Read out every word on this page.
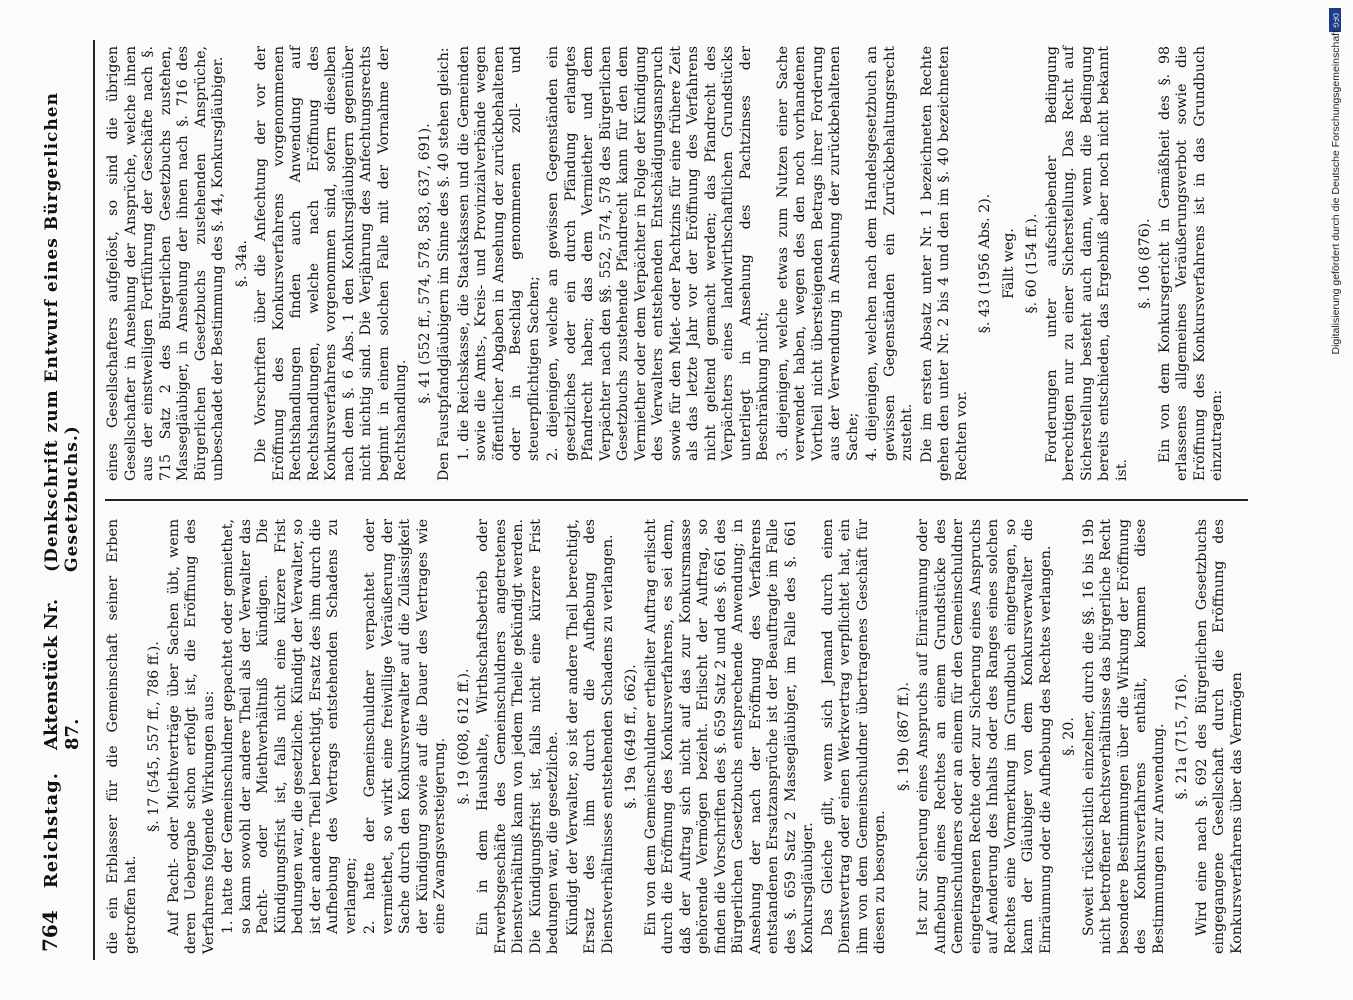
764
Reichstag.
Aktenstück Nr. 87.
(Denkschrift zum Entwurf eines Bürgerlichen Gesetzbuchs.)

die ein Erblasser für die Gemeinschaft seiner Erben getroffen hat.

§. 17 (545, 557 ff., 786 ff.). Auf Pacht- oder Miethverträge über Sachen übt, wenn deren Uebergabe schon erfolgt ist, die Eröffnung des Verfahrens folgende Wirkungen aus: 1. hatte der Gemeinschuldner gepachtet oder gemiethet, so kann sowohl der andere Theil als der Verwalter das Pacht- oder Miethverhältniß kündigen. Die Kündigungsfrist ist, falls nicht eine kürzere Frist bedungen war, die gesetzliche. Kündigt der Verwalter, so ist der andere Theil berechtigt, Ersatz des ihm durch die Aufhebung des Vertrags entstehenden Schadens zu verlangen; 2. hatte der Gemeinschuldner verpachtet oder vermiethet, so wirkt eine freiwillige Veräußerung der Sache durch den Konkursverwalter auf die Zulässigkeit der Kündigung sowie auf die Dauer des Vertrages wie eine Zwangsversteigerung.

§. 19 (608, 612 ff.). Ein in dem Haushalte, Wirthschaftsbetrieb oder Erwerbsgeschäfte des Gemeinschuldners angetretenes Dienstverhältniß kann von jedem Theile gekündigt werden. Die Kündigungsfrist ist, falls nicht eine kürzere Frist bedungen war, die gesetzliche. Kündigt der Verwalter, so ist der andere Theil berechtigt, Ersatz des ihm durch die Aufhebung des Dienstverhältnisses entstehenden Schadens zu verlangen. §. 19a (649 ff., 662). Ein von dem Gemeinschuldner ertheilter Auftrag erlischt durch die Eröffnung des Konkursverfahrens, es sei denn, daß der Auftrag sich nicht auf das zur Konkursmasse gehörende Vermögen bezieht. Erlischt der Auftrag, so finden die Vorschriften des §. 659 Satz 2 und des §. 661 des Bürgerlichen Gesetzbuchs entsprechende Anwendung; in Ansehung der nach der Eröffnung des Verfahrens entstandenen Ersatzansprüche ist der Beauftragte im Falle des §. 659 Satz 2 Massegläubiger, im Falle des §. 661 Konkursgläubiger. Das Gleiche gilt, wenn sich Jemand durch einen Dienstvertrag oder einen Werkvertrag verpflichtet hat, ein ihm von dem Gemeinschuldner übertragenes Geschäft für diesen zu besorgen.

§. 19b (867 ff.). Ist zur Sicherung eines Anspruchs auf Einräumung oder Aufhebung eines Rechtes an einem Grundstücke des Gemeinschuldners oder an einem für den Gemeinschuldner eingetragenen Rechte oder zur Sicherung eines Anspruchs auf Aenderung des Inhalts oder des Ranges eines solchen Rechtes eine Vormerkung im Grundbuch eingetragen, so kann der Gläubiger von dem Konkursverwalter die Einräumung oder die Aufhebung des Rechtes verlangen. §. 20. Soweit rücksichtlich einzelner, durch die §§. 16 bis 19b nicht betroffener Rechtsverhältnisse das bürgerliche Recht besondere Bestimmungen über die Wirkung der Eröffnung des Konkursverfahrens enthält, kommen diese Bestimmungen zur Anwendung. §. 21a (715, 716). Wird eine nach §. 692 des Bürgerlichen Gesetzbuchs eingegangene Gesellschaft durch die Eröffnung des Konkursverfahrens über das Vermögen

eines Gesellschafters aufgelöst, so sind die übrigen Gesellschafter in Ansehung der Ansprüche, welche ihnen aus der einstweiligen Fortführung der Geschäfte nach §. 715 Satz 2 des Bürgerlichen Gesetzbuchs zustehen, Massegläubiger, in Ansehung der ihnen nach §. 716 des Bürgerlichen Gesetzbuchs zustehenden Ansprüche, unbeschadet der Bestimmung des §. 44, Konkursgläubiger. §. 34a. Die Vorschriften über die Anfechtung der vor der Eröffnung des Konkursverfahrens vorgenommenen Rechtshandlungen finden auch Anwendung auf Rechtshandlungen, welche nach Eröffnung des Konkursverfahrens vorgenommen sind, sofern dieselben nach dem §. 6 Abs. 1 den Konkursgläubigern gegenüber nicht nichtig sind. Die Verjährung des Anfechtungsrechts beginnt in einem solchen Falle mit der Vornahme der Rechtshandlung.

§. 41 (552 ff., 574, 578, 583, 637, 691). Den Faustpfandgläubigern im Sinne des §. 40 stehen gleich: 1. die Reichskasse, die Staatskassen und die Gemeinden sowie die Amts-, Kreis- und Provinzialverbände wegen öffentlicher Abgaben in Ansehung der zurückbehaltenen oder in Beschlag genommenen zoll- und steuerpflichtigen Sachen; 2. diejenigen, welche an gewissen Gegenständen ein gesetzliches oder ein durch Pfändung erlangtes Pfandrecht haben; das dem Vermiether und dem Verpächter nach den §§. 552, 574, 578 des Bürgerlichen Gesetzbuchs zustehende Pfandrecht kann für den dem Vermiether oder dem Verpächter in Folge der Kündigung des Verwalters entstehenden Entschädigungsanspruch sowie für den Miet- oder Pachtzins für eine frühere Zeit als das letzte Jahr vor der Eröffnung des Verfahrens nicht geltend gemacht werden; das Pfandrecht des Verpächters eines landwirthschaftlichen Grundstücks unterliegt in Ansehung des Pachtzinses der Beschränkung nicht; 3. diejenigen, welche etwas zum Nutzen einer Sache verwendet haben, wegen des den noch vorhandenen Vortheil nicht übersteigenden Betrags ihrer Forderung aus der Verwendung in Ansehung der zurückbehaltenen Sache; 4. diejenigen, welchen nach dem Handelsgesetzbuch an gewissen Gegenständen ein Zurückbehaltungsrecht zusteht. Die im ersten Absatz unter Nr. 1 bezeichneten Rechte gehen den unter Nr. 2 bis 4 und den im §. 40 bezeichneten Rechten vor.

§. 43 (1956 Abs. 2). Fällt weg. §. 60 (154 ff.). Forderungen unter aufschiebender Bedingung berechtigen nur zu einer Sicherstellung. Das Recht auf Sicherstellung besteht auch dann, wenn die Bedingung bereits entschieden, das Ergebniß aber noch nicht bekannt ist.

§. 106 (876). Ein von dem Konkursgericht in Gemäßheit des §. 98 erlassenes allgemeines Veräußerungsverbot sowie die Eröffnung des Konkursverfahrens ist in das Grundbuch einzutragen:

DFG
Digitalisierung gefördert durch die Deutsche Forschungsgemeinschaft
